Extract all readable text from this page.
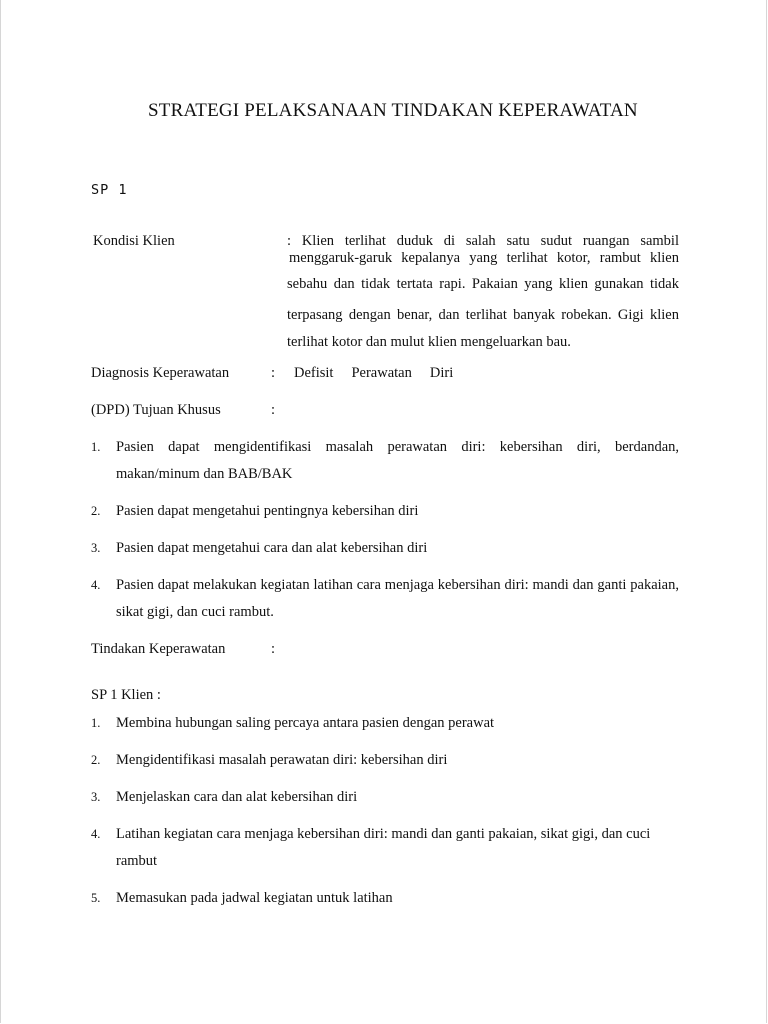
STRATEGI PELAKSANAAN TINDAKAN KEPERAWATAN
SP 1
Kondisi Klien	: Klien terlihat duduk di salah satu sudut ruangan sambil
menggaruk-garuk kepalanya yang terlihat kotor, rambut klien
sebahu dan tidak tertata rapi. Pakaian yang klien gunakan tidak
terpasang dengan benar, dan terlihat banyak robekan. Gigi klien
terlihat kotor dan mulut klien mengeluarkan bau.
Diagnosis Keperawatan	: Defisit Perawatan Diri
(DPD) Tujuan Khusus	:
1. Pasien dapat mengidentifikasi masalah perawatan diri: kebersihan diri, berdandan, makan/minum dan BAB/BAK
2. Pasien dapat mengetahui pentingnya kebersihan diri
3. Pasien dapat mengetahui cara dan alat kebersihan diri
4. Pasien dapat melakukan kegiatan latihan cara menjaga kebersihan diri: mandi dan ganti pakaian, sikat gigi, dan cuci rambut.
Tindakan Keperawatan	:
SP 1 Klien :
1. Membina hubungan saling percaya antara pasien dengan perawat
2. Mengidentifikasi masalah perawatan diri: kebersihan diri
3. Menjelaskan cara dan alat kebersihan diri
4. Latihan kegiatan cara menjaga kebersihan diri: mandi dan ganti pakaian, sikat gigi, dan cuci rambut
5. Memasukan pada jadwal kegiatan untuk latihan
